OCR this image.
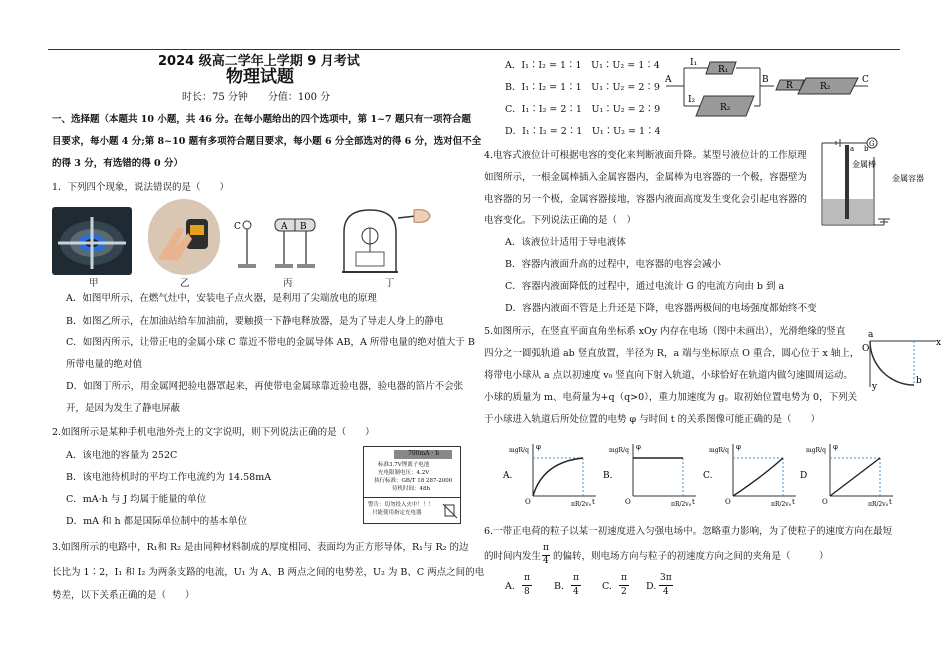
2024 级高二学年上学期 9 月考试
物理试题
时长：75 分钟　　分值：100 分
一、选择题（本题共 10 小题，共 46 分。在每小题给出的四个选项中，第 1~7 题只有一项符合题
目要求，每小题 4 分;第 8~10 题有多项符合题目要求，每小题 6 分全部选对的得 6 分，选对但不全
的得 3 分，有选错的得 0 分）
1．下列四个现象，说法错误的是（　　）
C	A B
甲	乙	丙	丁
A．如图甲所示，在燃气灶中，安装电子点火器，是利用了尖端放电的原理
B．如图乙所示，在加油站给车加油前，要触摸一下静电释放器，是为了导走人身上的静电
C．如图丙所示，让带正电的金属小球 C 靠近不带电的金属导体 AB，A 所带电量的绝对值大于 B
所带电量的绝对值
D．如图丁所示，用金属网把验电器罩起来，再使带电金属球靠近验电器，验电器的箔片不会张
开，是因为发生了静电屏蔽
2.如图所示是某种手机电池外壳上的文字说明，则下列说法正确的是（　　）
A．该电池的容量为 252C
B．该电池待机时的平均工作电流约为 14.58mA
C．mA·h 与 J 均属于能量的单位
D．mA 和 h 都是国际单位制中的基本单位
700mA · h
标准3.7V锂离子电池
充电限制电压：4.2V
执行标准：GB/T 18 287-2000
待机时间：48h
警告：切勿投入火中！！！
只能使用指定充电器
3.如图所示的电路中，R₁和 R₂ 是由同种材料制成的厚度相同、表面均为正方形导体，R₁与 R₂ 的边
长比为 1∶2，I₁ 和 I₂ 为两条支路的电流，U₁ 为 A、B 两点之间的电势差，U₂ 为 B、C 两点之间的电
势差，以下关系正确的是（　　）
A．I₁∶I₂ = 1∶1　U₁∶U₂ = 1∶4
B．I₁∶I₂ = 1∶1　U₁∶U₂ = 2∶9
C．I₁∶I₂ = 2∶1　U₁∶U₂ = 2∶9
D．I₁∶I₂ = 2∶1　U₁∶U₂ = 1∶4
A	B	C
I₁
I₂
R₁
R₂
R	R₂
4.电容式液位计可根据电容的变化来判断液面升降。某型号液位计的工作原理
如图所示，一根金属棒插入金属容器内，金属棒为电容器的一个极，容器壁为
电容器的另一个极，金属容器接地，容器内液面高度发生变化会引起电容器的
电容变化。下列说法正确的是（　）
G
a b
金属棒
金属容器
A．该液位计适用于导电液体
B．容器内液面升高的过程中，电容器的电容会减小
C．容器内液面降低的过程中，通过电流计 G 的电流方向由 b 到 a
D．容器内液面不管是上升还是下降，电容器两极间的电场强度都始终不变
5.如图所示，在竖直平面直角坐标系 xOy 内存在电场（图中未画出），光滑绝缘的竖直
四分之一圆弧轨道 ab 竖直放置，半径为 R，a 端与坐标原点 O 重合，圆心位于 x 轴上，
将带电小球从 a 点以初速度 v₀ 竖直向下射入轨道，小球恰好在轨道内做匀速圆周运动。
小球的质量为 m、电荷量为+q（q>0），重力加速度为 g。取初始位置电势为 0，下列关
于小球进入轨道后所处位置的电势 φ 与时间 t 的关系图像可能正确的是（　　）
a
x
O
y
b
A.
mgR/q
πR/2v₀ t
O
φ
B.
mgR/q
πR/2v₀ t
O
φ
C.
mgR/q
πR/2v₀ t
O
φ
D
mgR/q
πR/2v₀ t
O
φ
6.一带正电荷的粒子以某一初速度进入匀强电场中。忽略重力影响，为了使粒子的速度方向在最短
的时间内发生
π
4 的偏转，则电场方向与粒子的初速度方向之间的夹角是（　　　）
A.
π
8	B.
π
4 C.
π
2 D.
3π
4
